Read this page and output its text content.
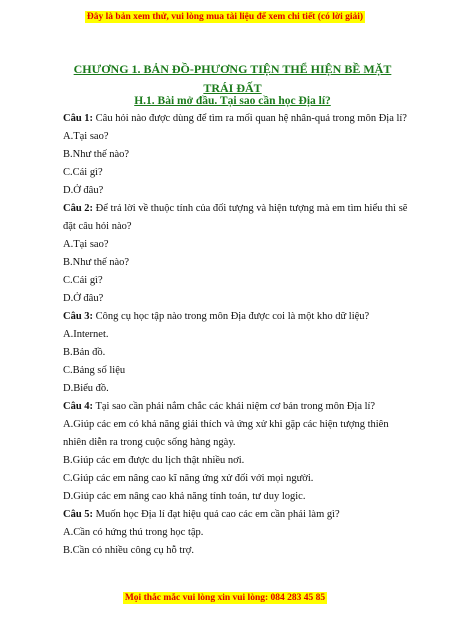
Đây là bản xem thử, vui lòng mua tài liệu để xem chi tiết (có lời giải)
CHƯƠNG 1. BẢN ĐỒ-PHƯƠNG TIỆN THỂ HIỆN BỀ MẶT TRÁI ĐẤT
H.1. Bài mở đầu. Tại sao cần học Địa lí?
Câu 1: Câu hỏi nào được dùng để tìm ra mối quan hệ nhân-quả trong môn Địa lí?
A.Tại sao?
B.Như thế nào?
C.Cái gì?
D.Ở đâu?
Câu 2: Để trả lời về thuộc tính của đối tượng và hiện tượng mà em tìm hiểu thì sẽ đặt câu hỏi nào?
A.Tại sao?
B.Như thế nào?
C.Cái gì?
D.Ở đâu?
Câu 3: Công cụ học tập nào trong môn Địa được coi là một kho dữ liệu?
A.Internet.
B.Bản đồ.
C.Bảng số liệu
D.Biểu đồ.
Câu 4: Tại sao cần phải nắm chắc các khái niệm cơ bản trong môn Địa lí?
A.Giúp các em có khả năng giải thích và ứng xử khi gặp các hiện tượng thiên nhiên diễn ra trong cuộc sống hàng ngày.
B.Giúp các em được du lịch thật nhiều nơi.
C.Giúp các em nâng cao kĩ năng ứng xử đối với mọi người.
D.Giúp các em nâng cao khả năng tính toán, tư duy logic.
Câu 5: Muốn học Địa lí đạt hiệu quả cao các em cần phải làm gì?
A.Cần có hứng thú trong học tập.
B.Cần có nhiều công cụ hỗ trợ.
Mọi thắc mắc vui lòng xin vui lòng: 084 283 45 85
